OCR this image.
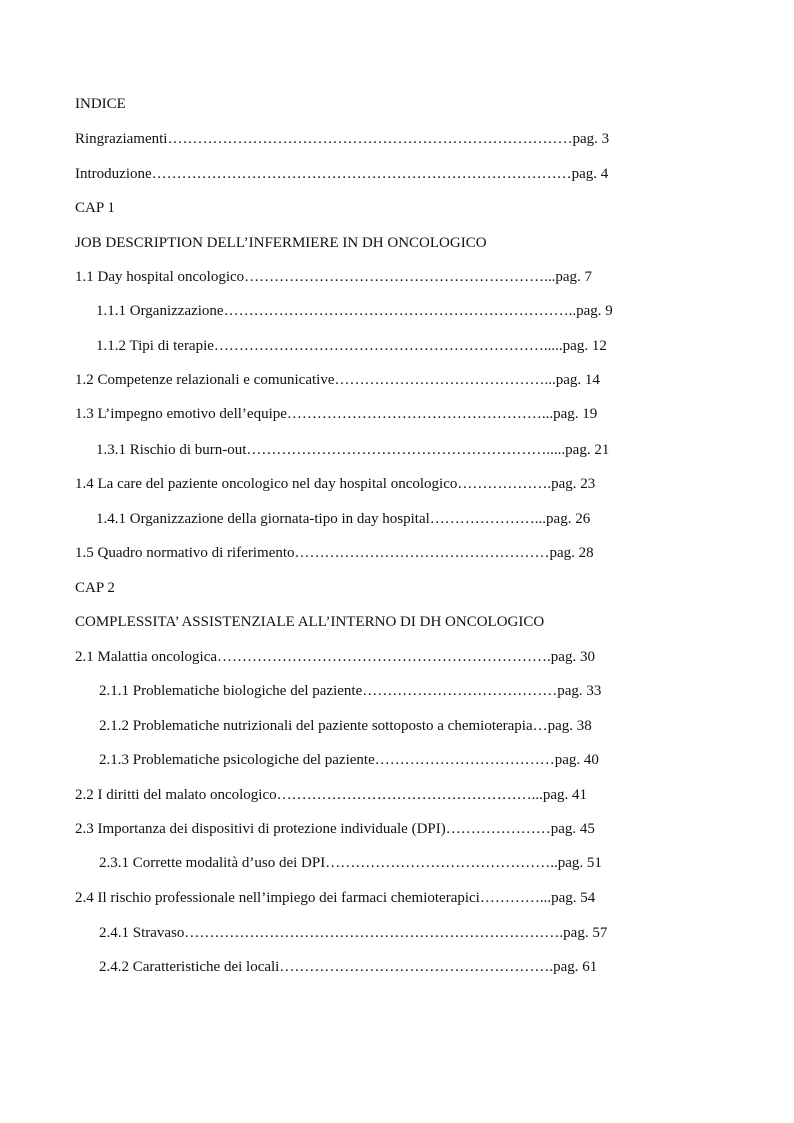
INDICE
Ringraziamenti………………………………………………………………………pag. 3
Introduzione…………………………………………………………………………pag. 4
CAP 1
JOB DESCRIPTION DELL’INFERMIERE IN DH ONCOLOGICO
1.1 Day hospital oncologico……………………………………………………...pag. 7
1.1.1 Organizzazione……………………………………………………………..pag. 9
1.1.2 Tipi di terapie………………………………………………………….....pag. 12
1.2 Competenze relazionali e comunicative……………………………………...pag. 14
1.3 L’impegno emotivo dell’equipe……………………………………………...pag. 19
1.3.1 Rischio di burn-out…………………………………………………….....pag. 21
1.4 La care del paziente oncologico nel day hospital oncologico……………….pag. 23
1.4.1 Organizzazione della giornata-tipo in day hospital…………………...pag. 26
1.5 Quadro normativo di riferimento……………………………………………pag. 28
CAP 2
COMPLESSITA’ ASSISTENZIALE ALL’INTERNO DI DH ONCOLOGICO
2.1 Malattia oncologica………………………………………………………….pag. 30
2.1.1 Problematiche biologiche del paziente…………………………………pag. 33
2.1.2 Problematiche nutrizionali del paziente sottoposto a chemioterapia…pag. 38
2.1.3 Problematiche psicologiche del paziente………………………………pag. 40
2.2 I diritti del malato oncologico……………………………………………...pag. 41
2.3 Importanza dei dispositivi di protezione individuale (DPI)…………………pag. 45
2.3.1 Corrette modalità d’uso dei DPI………………………………………..pag. 51
2.4 Il rischio professionale nell’impiego dei farmaci chemioterapici…………...pag. 54
2.4.1 Stravaso………………………………………………………………….pag. 57
2.4.2 Caratteristiche dei locali……………………………………………….pag. 61
